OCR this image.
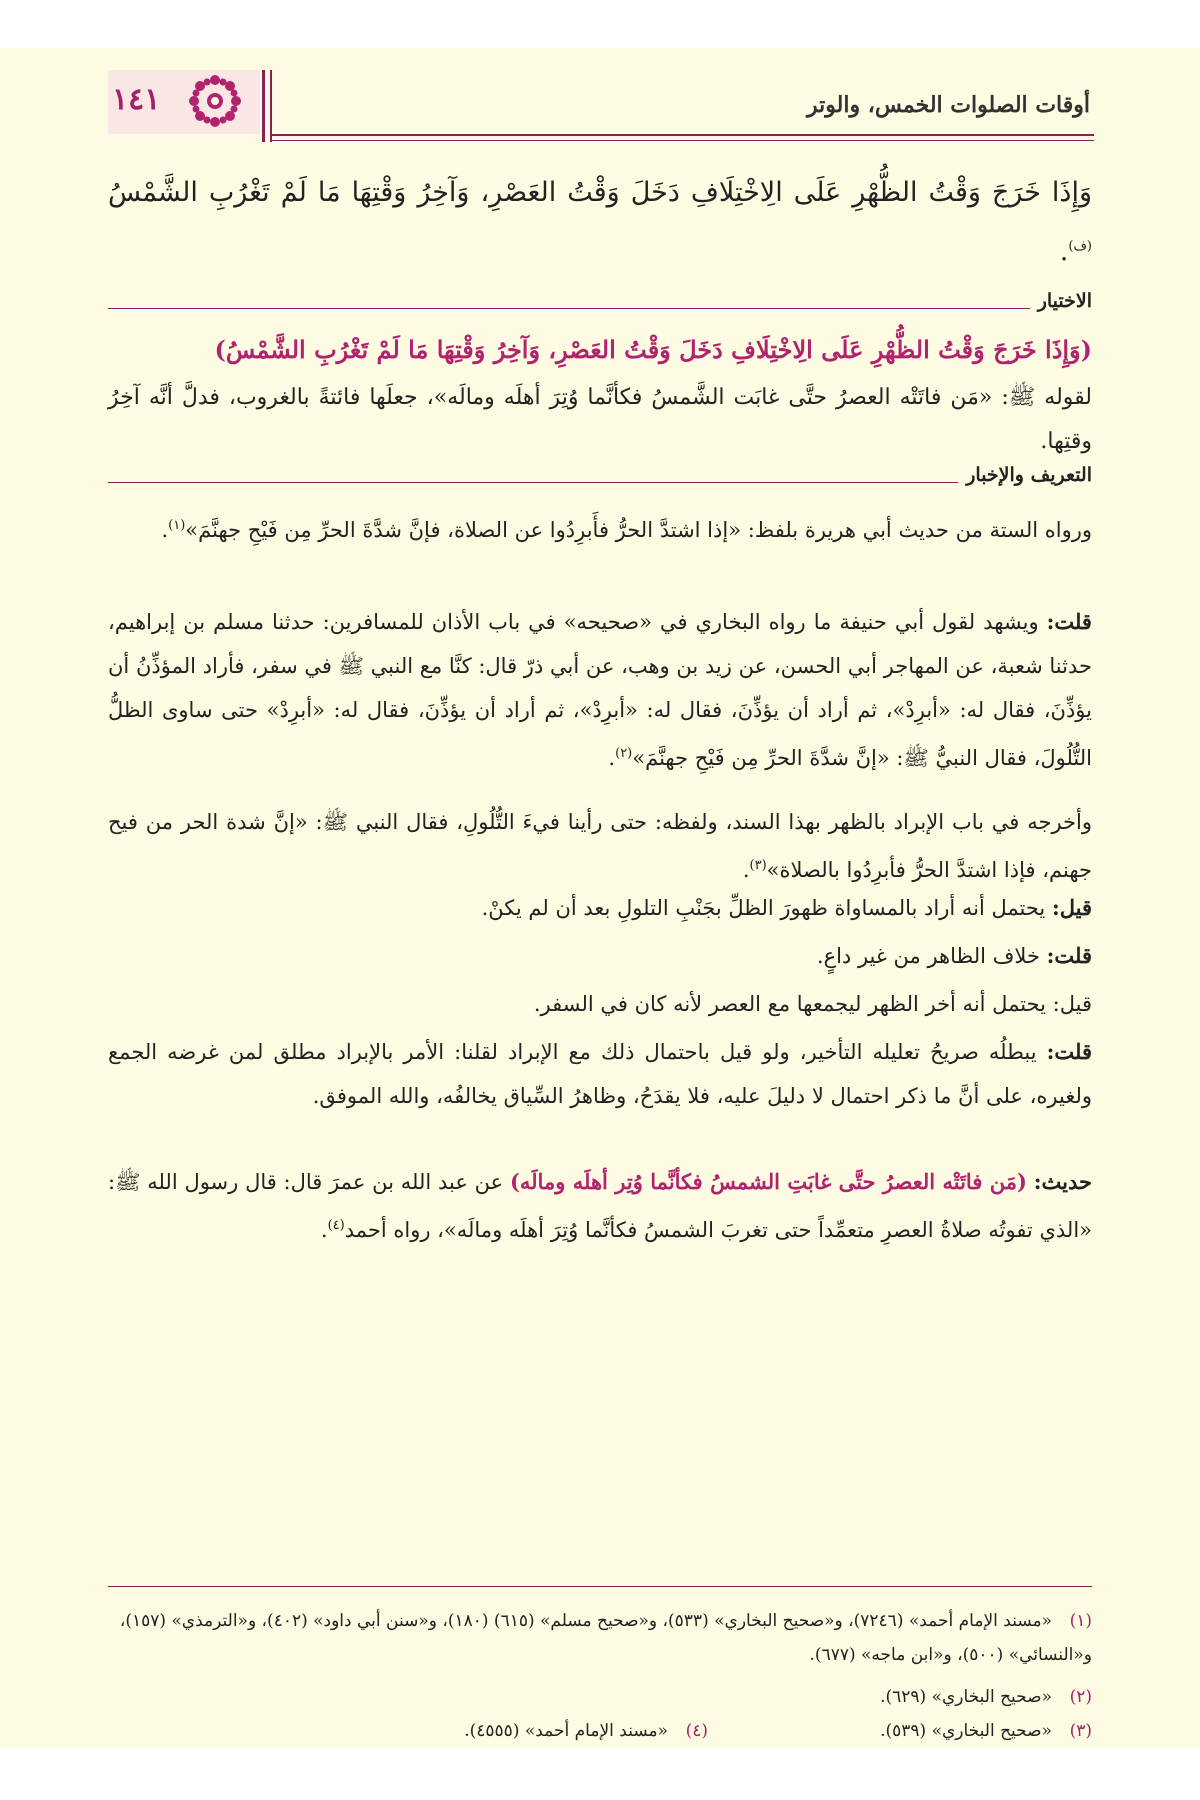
١٤١	أوقات الصلوات الخمس، والوتر
وَإِذَا خَرَجَ وَقْتُ الظُّهْرِ عَلَى الِاخْتِلَافِ دَخَلَ وَقْتُ العَصْرِ، وَآخِرُ وَقْتِهَا مَا لَمْ تَغْرُبِ الشَّمْسُ $^{(ف)}$.
الاختيار
(وَإِذَا خَرَجَ وَقْتُ الظُّهْرِ عَلَى الِاخْتِلَافِ دَخَلَ وَقْتُ العَصْرِ، وَآخِرُ وَقْتِهَا مَا لَمْ تَغْرُبِ الشَّمْسُ)
لقوله ﷺ: «مَن فاتَتْه العصرُ حتَّى غابَت الشَّمسُ فكأنَّما وُتِرَ أهلَه ومالَه»، جعلَها فائتةً بالغروب، فدلَّ أنَّه آخِرُ وقتِها.
التعريف والإخبار
ورواه الستة من حديث أبي هريرة بلفظ: «إذا اشتدَّ الحرُّ فأَبرِدُوا عن الصلاة، فإنَّ شدَّةَ الحرِّ مِن فَيْحِ جهنَّمَ»$^{(١)}$.
قلت: ويشهد لقول أبي حنيفة ما رواه البخاري في «صحيحه» في باب الأذان للمسافرين: حدثنا مسلم بن إبراهيم، حدثنا شعبة، عن المهاجر أبي الحسن، عن زيد بن وهب، عن أبي ذرّ قال: كنَّا مع النبي ﷺ في سفر، فأراد المؤذِّنُ أن يؤذِّنَ، فقال له: «أبرِدْ»، ثم أراد أن يؤذِّنَ، فقال له: «أبرِدْ»، ثم أراد أن يؤذِّنَ، فقال له: «أبرِدْ» حتى ساوى الظلُّ التُّلُولَ، فقال النبيُّ ﷺ: «إنَّ شدَّةَ الحرِّ مِن فَيْحِ جهنَّمَ»$^{(٢)}$.
وأخرجه في باب الإبراد بالظهر بهذا السند، ولفظه: حتى رأينا فيءَ التُّلُولِ، فقال النبي ﷺ: «إنَّ شدة الحر من فيح جهنم، فإذا اشتدَّ الحرُّ فأبرِدُوا بالصلاة»$^{(٣)}$.
قيل: يحتمل أنه أراد بالمساواة ظهورَ الظلِّ بجَنْبِ التلولِ بعد أن لم يكنْ.
قلت: خلاف الظاهر من غير داعٍ.
قيل: يحتمل أنه أخر الظهر ليجمعها مع العصر لأنه كان في السفر.
قلت: يبطلُه صريحُ تعليله التأخير، ولو قيل باحتمال ذلك مع الإبراد لقلنا: الأمر بالإبراد مطلق لمن غرضه الجمع ولغيره، على أنَّ ما ذكر احتمال لا دليلَ عليه، فلا يقدَحُ، وظاهرُ السِّياق يخالفُه، والله الموفق.
حديث: (مَن فاتَتْه العصرُ حتَّى غابَتِ الشمسُ فكأنَّما وُتِر أهلَه ومالَه) عن عبد الله بن عمرَ قال: قال رسول الله ﷺ: «الذي تفوتُه صلاةُ العصرِ متعمِّداً حتى تغربَ الشمسُ فكأنَّما وُتِرَ أهلَه ومالَه»، رواه أحمد$^{(٤)}$.
(١)«مسند الإمام أحمد» (٧٢٤٦)، و«صحيح البخاري» (٥٣٣)، و«صحيح مسلم» (٦١٥) (١٨٠)، و«سنن أبي داود» (٤٠٢)، و«الترمذي» (١٥٧)، و«النسائي» (٥٠٠)، و«ابن ماجه» (٦٧٧).
(٢)«صحيح البخاري» (٦٢٩).
(٣)«صحيح البخاري» (٥٣٩).
(٤)«مسند الإمام أحمد» (٤٥٥٥).
